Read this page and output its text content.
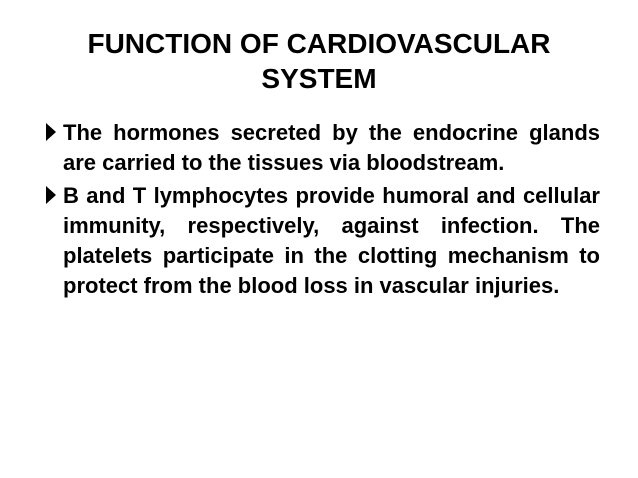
FUNCTION OF CARDIOVASCULAR SYSTEM
The hormones secreted by the endocrine glands are carried to the tissues via bloodstream.
B and T lymphocytes provide humoral and cellular immunity, respectively, against infection. The platelets participate in the clotting mechanism to protect from the blood loss in vascular injuries.
